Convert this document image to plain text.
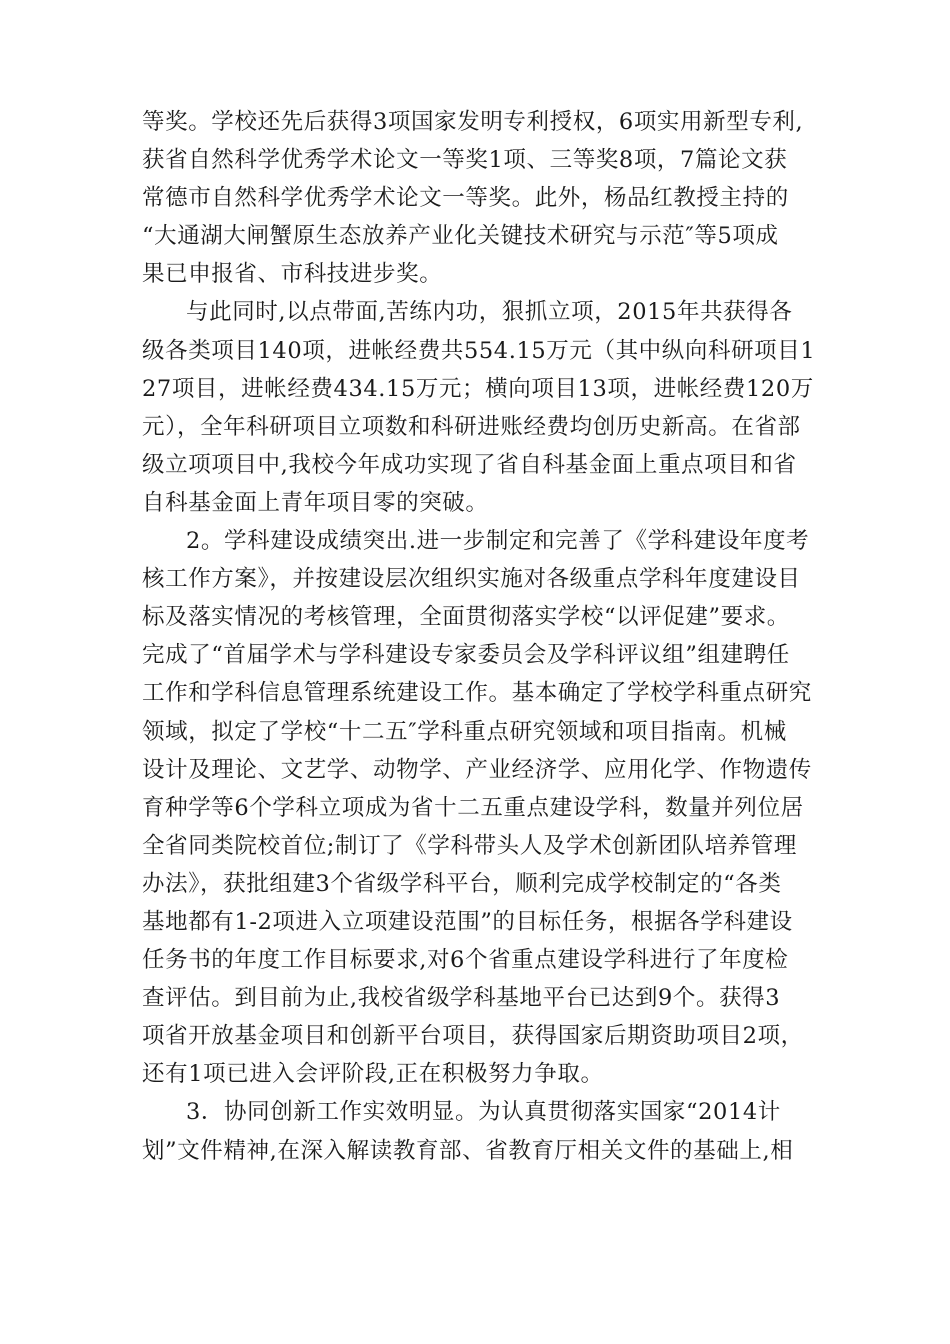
等奖。学校还先后获得3项国家发明专利授权，6项实用新型专利,
获省自然科学优秀学术论文一等奖1项、三等奖8项，7篇论文获
常德市自然科学优秀学术论文一等奖。此外，杨品红教授主持的
“大通湖大闸蟹原生态放养产业化关键技术研究与示范″等5项成
果已申报省、市科技进步奖。
与此同时,以点带面,苦练内功，狠抓立项，2015年共获得各
级各类项目140项，进帐经费共554.15万元（其中纵向科研项目1
27项目，进帐经费434.15万元；横向项目13项，进帐经费120万
元），全年科研项目立项数和科研进账经费均创历史新高。在省部
级立项项目中,我校今年成功实现了省自科基金面上重点项目和省
自科基金面上青年项目零的突破。
2。学科建设成绩突出.进一步制定和完善了《学科建设年度考
核工作方案》，并按建设层次组织实施对各级重点学科年度建设目
标及落实情况的考核管理，全面贯彻落实学校“以评促建”要求。
完成了“首届学术与学科建设专家委员会及学科评议组”组建聘任
工作和学科信息管理系统建设工作。基本确定了学校学科重点研究
领域，拟定了学校“十二五″学科重点研究领域和项目指南。机械
设计及理论、文艺学、动物学、产业经济学、应用化学、作物遗传
育种学等6个学科立项成为省十二五重点建设学科，数量并列位居
全省同类院校首位;制订了《学科带头人及学术创新团队培养管理
办法》，获批组建3个省级学科平台，顺利完成学校制定的“各类
基地都有1-2项进入立项建设范围”的目标任务，根据各学科建设
任务书的年度工作目标要求,对6个省重点建设学科进行了年度检
查评估。到目前为止,我校省级学科基地平台已达到9个。获得3
项省开放基金项目和创新平台项目，获得国家后期资助项目2项，
还有1项已进入会评阶段,正在积极努力争取。
3．协同创新工作实效明显。为认真贯彻落实国家“2014计
划”文件精神,在深入解读教育部、省教育厅相关文件的基础上,相
